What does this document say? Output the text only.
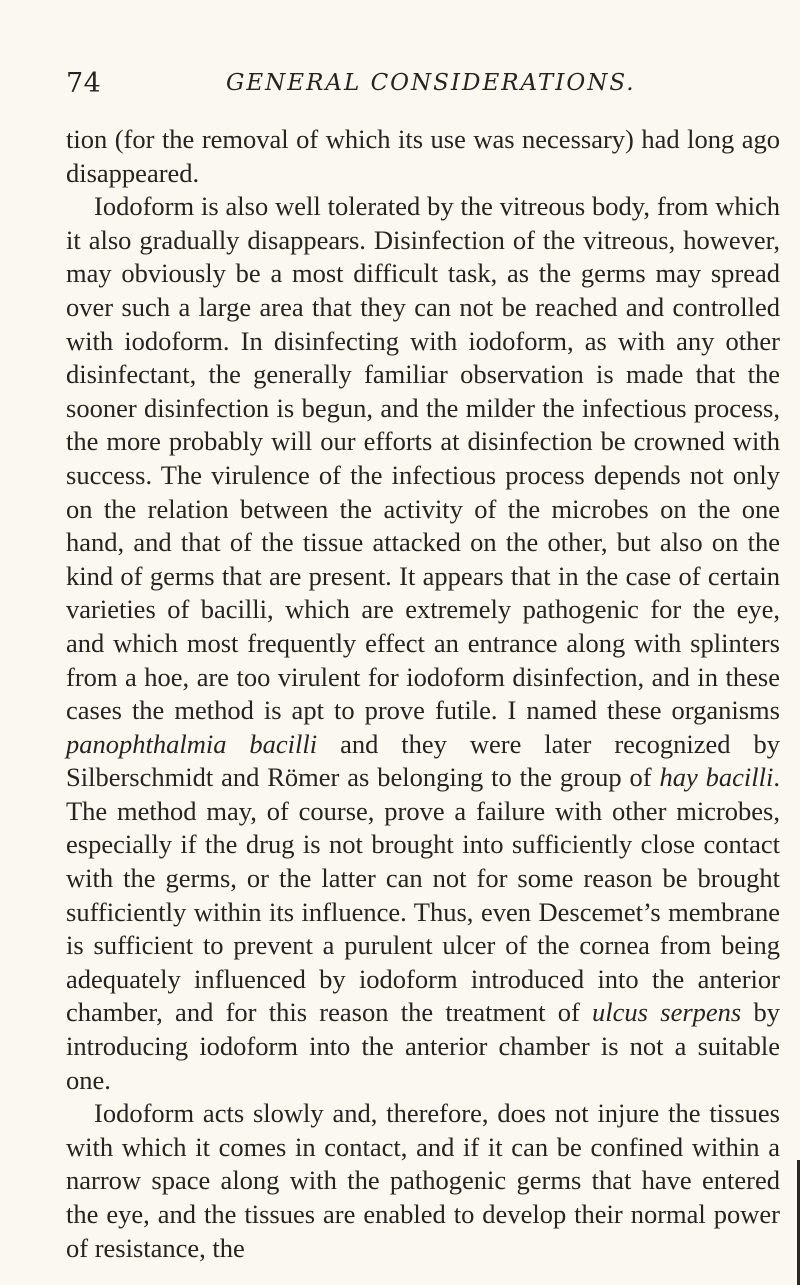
74	GENERAL CONSIDERATIONS.

tion (for the removal of which its use was necessary) had long ago disappeared.

Iodoform is also well tolerated by the vitreous body, from which it also gradually disappears. Disinfection of the vitreous, however, may obviously be a most difficult task, as the germs may spread over such a large area that they can not be reached and controlled with iodoform. In disinfecting with iodoform, as with any other disinfectant, the generally familiar observation is made that the sooner disinfection is begun, and the milder the infectious process, the more probably will our efforts at disinfection be crowned with success. The virulence of the infectious process depends not only on the relation between the activity of the microbes on the one hand, and that of the tissue attacked on the other, but also on the kind of germs that are present. It appears that in the case of certain varieties of bacilli, which are extremely pathogenic for the eye, and which most frequently effect an entrance along with splinters from a hoe, are too virulent for iodoform disinfection, and in these cases the method is apt to prove futile. I named these organisms panophthalmia bacilli and they were later recognized by Silberschmidt and Römer as belonging to the group of hay bacilli. The method may, of course, prove a failure with other microbes, especially if the drug is not brought into sufficiently close contact with the germs, or the latter can not for some reason be brought sufficiently within its influence. Thus, even Descemet’s membrane is sufficient to prevent a purulent ulcer of the cornea from being adequately influenced by iodoform introduced into the anterior chamber, and for this reason the treatment of ulcus serpens by introducing iodoform into the anterior chamber is not a suitable one.

Iodoform acts slowly and, therefore, does not injure the tissues with which it comes in contact, and if it can be confined within a narrow space along with the pathogenic germs that have entered the eye, and the tissues are enabled to develop their normal power of resistance, the
